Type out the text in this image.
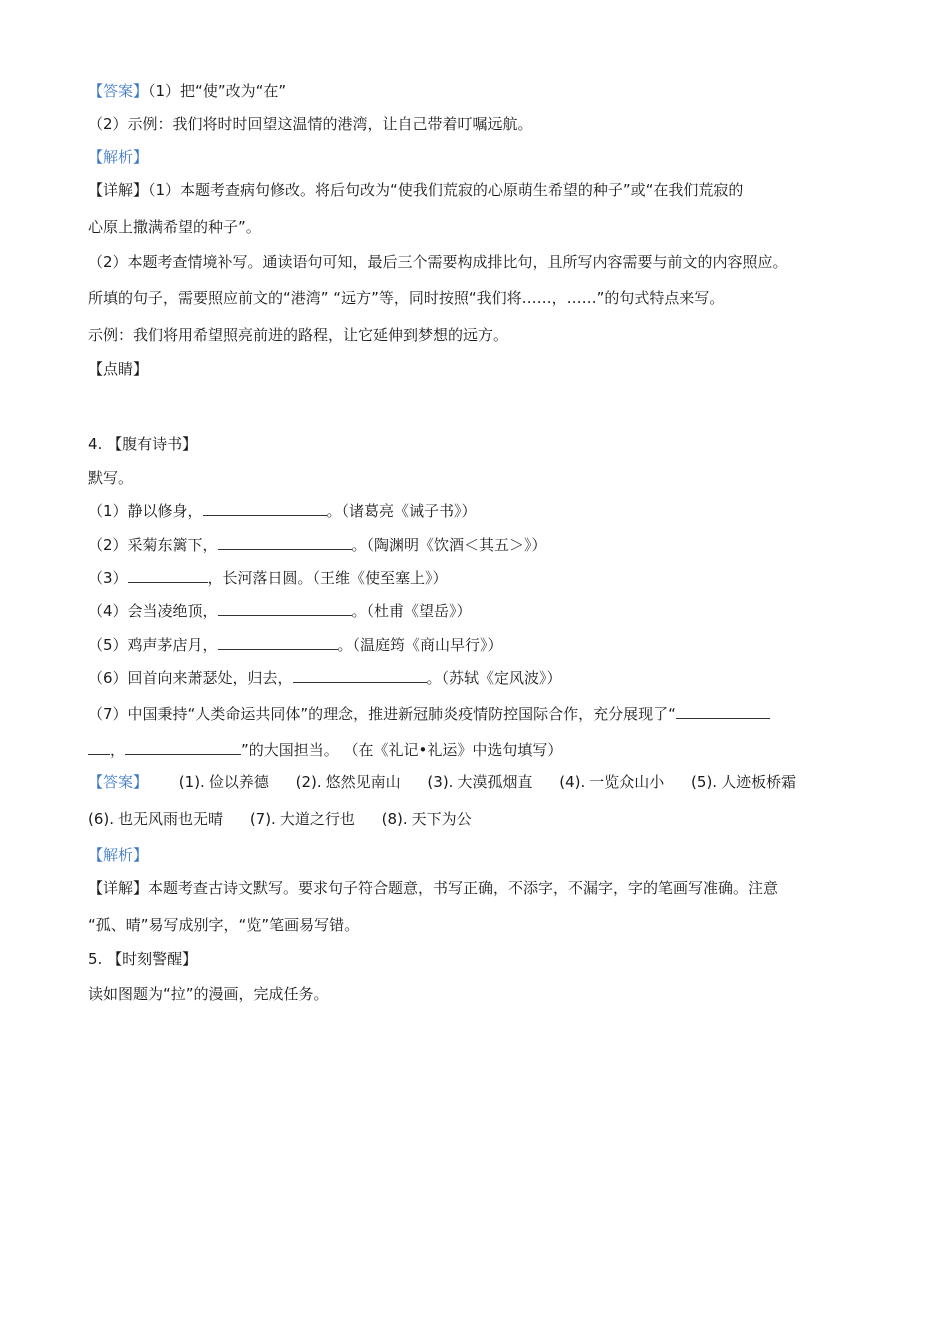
【答案】（1）把“使”改为“在”
（2）示例：我们将时时回望这温情的港湾，让自己带着叮嘱远航。
【解析】
【详解】（1）本题考查病句修改。将后句改为“使我们荒寂的心原萌生希望的种子”或“在我们荒寂的
心原上撒满希望的种子”。
（2）本题考查情境补写。通读语句可知，最后三个需要构成排比句，且所写内容需要与前文的内容照应。
所填的句子，需要照应前文的“港湾” “远方”等，同时按照“我们将……，……”的句式特点来写。
示例：我们将用希望照亮前进的路程，让它延伸到梦想的远方。
【点睛】
4. 【腹有诗书】
默写。
（1）静以修身，	。（诸葛亮《诫子书》）
（2）采菊东篱下，	。（陶渊明《饮酒＜其五＞》）
（3）	，长河落日圆。（王维《使至塞上》）
（4）会当凌绝顶，	。（杜甫《望岳》）
（5）鸡声茅店月，	。（温庭筠《商山早行》）
（6）回首向来萧瑟处，归去，	。（苏轼《定风波》）
（7）中国秉持“人类命运共同体”的理念，推进新冠肺炎疫情防控国际合作，充分展现了“
，	”的大国担当。 （在《礼记•礼运》中选句填写）
【答案】 (1). 俭以养德 (2). 悠然见南山 (3). 大漠孤烟直 (4). 一览众山小 (5). 人迹板桥霜
(6). 也无风雨也无晴 (7). 大道之行也 (8). 天下为公
【解析】
【详解】本题考查古诗文默写。要求句子符合题意，书写正确，不添字，不漏字，字的笔画写准确。注意
“孤、晴”易写成别字，“览”笔画易写错。
5. 【时刻警醒】
读如图题为“拉”的漫画，完成任务。
